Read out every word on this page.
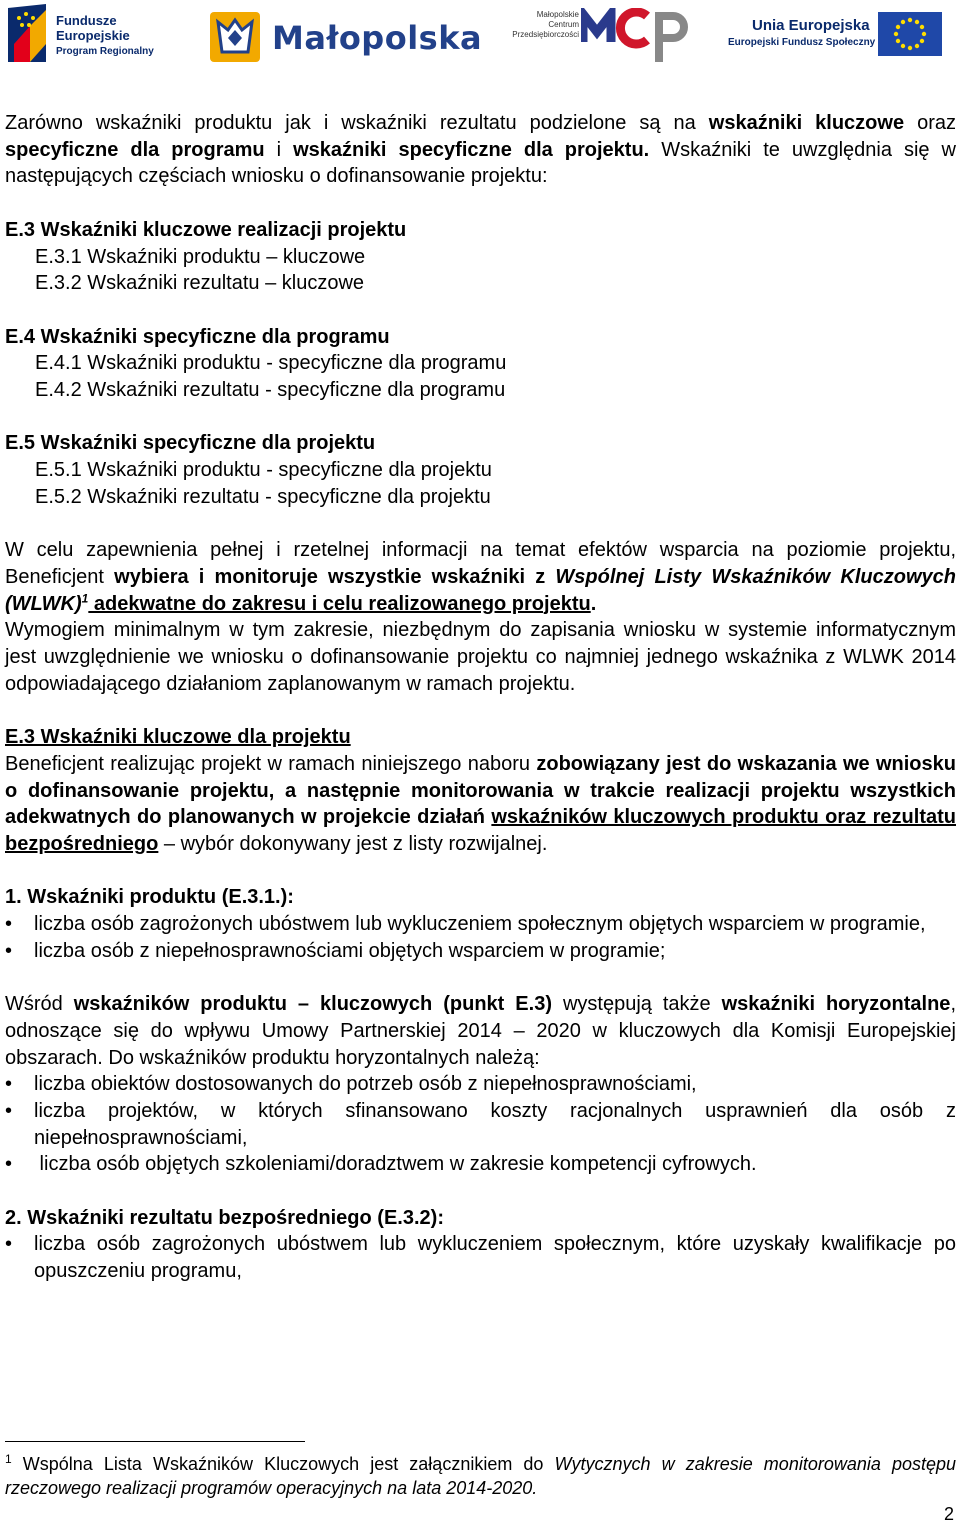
Fundusze
Europejskie
Program Regionalny	Małopolska
Małopolskie
Centrum
Przedsiębiorczości
Unia Europejska
Europejski Fundusz Społeczny

Zarówno wskaźniki produktu jak i wskaźniki rezultatu podzielone są na wskaźniki kluczowe oraz specyficzne dla programu i wskaźniki specyficzne dla projektu. Wskaźniki te uwzględnia się w następujących częściach wniosku o dofinansowanie projektu:

E.3 Wskaźniki kluczowe realizacji projektu

E.3.1 Wskaźniki produktu – kluczowe

E.3.2 Wskaźniki rezultatu – kluczowe

E.4 Wskaźniki specyficzne dla programu

E.4.1 Wskaźniki produktu - specyficzne dla programu

E.4.2 Wskaźniki rezultatu - specyficzne dla programu

E.5 Wskaźniki specyficzne dla projektu

E.5.1 Wskaźniki produktu - specyficzne dla projektu

E.5.2 Wskaźniki rezultatu - specyficzne dla projektu

W celu zapewnienia pełnej i rzetelnej informacji na temat efektów wsparcia na poziomie projektu, Beneficjent wybiera i monitoruje wszystkie wskaźniki z Wspólnej Listy Wskaźników Kluczowych (WLWK)$^1$ adekwatne do zakresu i celu realizowanego projektu.

Wymogiem minimalnym w tym zakresie, niezbędnym do zapisania wniosku w systemie informatycznym jest uwzględnienie we wniosku o dofinansowanie projektu co najmniej jednego wskaźnika z WLWK 2014 odpowiadającego działaniom zaplanowanym w ramach projektu.

E.3 Wskaźniki kluczowe dla projektu

Beneficjent realizując projekt w ramach niniejszego naboru zobowiązany jest do wskazania we wniosku o dofinansowanie projektu, a następnie monitorowania w trakcie realizacji projektu wszystkich adekwatnych do planowanych w projekcie działań wskaźników kluczowych produktu oraz rezultatu bezpośredniego – wybór dokonywany jest z listy rozwijalnej.

1. Wskaźniki produktu (E.3.1.):

•	liczba osób zagrożonych ubóstwem lub wykluczeniem społecznym objętych wsparciem w programie,
•	liczba osób z niepełnosprawnościami objętych wsparciem w programie;

Wśród wskaźników produktu – kluczowych (punkt E.3) występują także wskaźniki horyzontalne, odnoszące się do wpływu Umowy Partnerskiej 2014 – 2020 w kluczowych dla Komisji Europejskiej obszarach. Do wskaźników produktu horyzontalnych należą:

•	liczba obiektów dostosowanych do potrzeb osób z niepełnosprawnościami,
•	liczba projektów, w których sfinansowano koszty racjonalnych usprawnień dla osób z niepełnosprawnościami,
•	liczba osób objętych szkoleniami/doradztwem w zakresie kompetencji cyfrowych.

2. Wskaźniki rezultatu bezpośredniego (E.3.2):

•	liczba osób zagrożonych ubóstwem lub wykluczeniem społecznym, które uzyskały kwalifikacje po opuszczeniu programu,
$^1$ Wspólna Lista Wskaźników Kluczowych jest załącznikiem do Wytycznych w zakresie monitorowania postępu rzeczowego realizacji programów operacyjnych na lata 2014-2020.
2
